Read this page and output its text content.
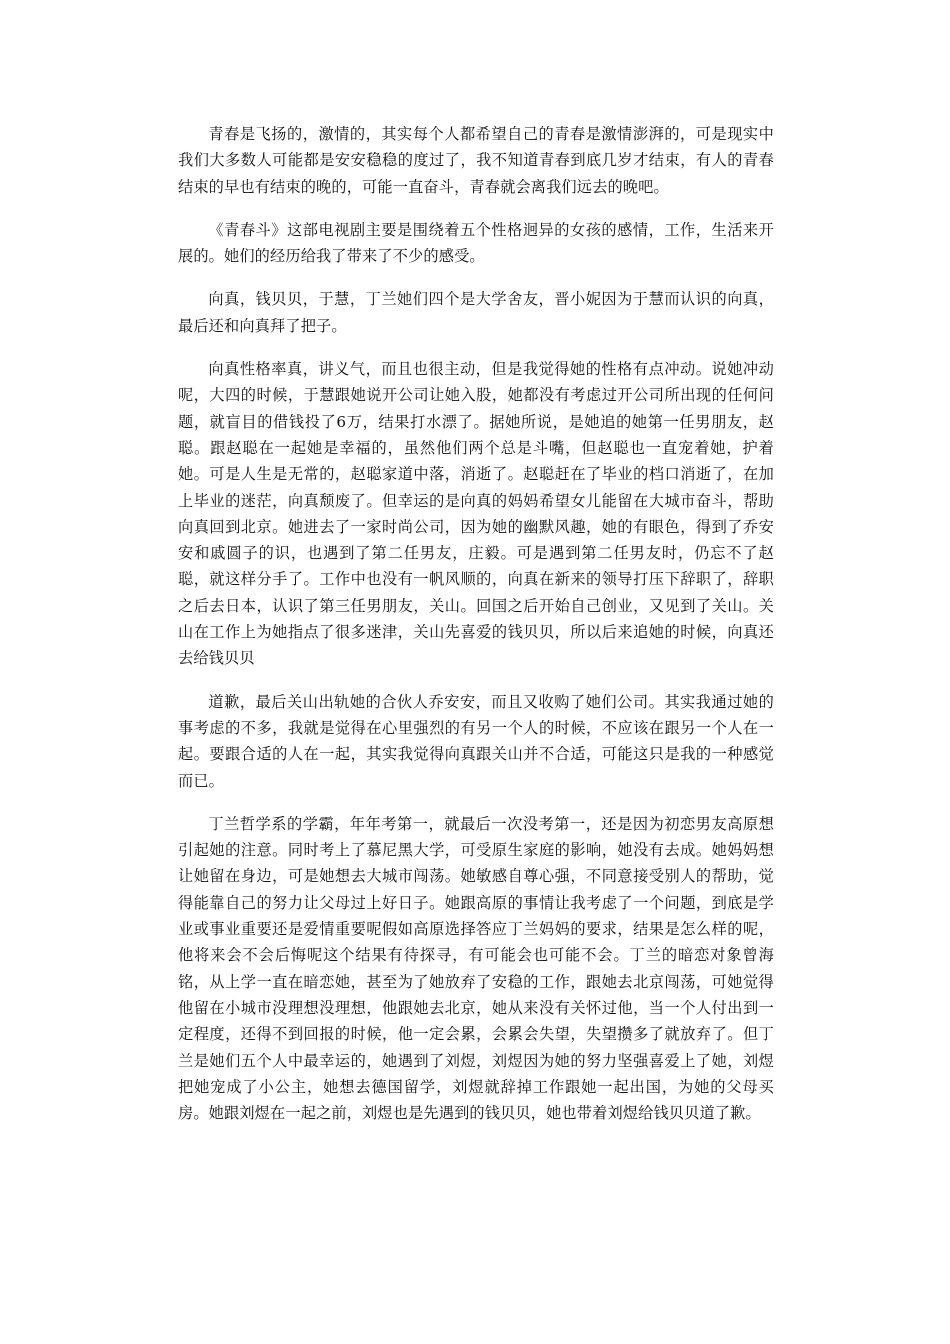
青春是飞扬的，激情的，其实每个人都希望自己的青春是激情澎湃的，可是现实中我们大多数人可能都是安安稳稳的度过了，我不知道青春到底几岁才结束，有人的青春结束的早也有结束的晚的，可能一直奋斗，青春就会离我们远去的晚吧。

《青春斗》这部电视剧主要是围绕着五个性格迥异的女孩的感情，工作，生活来开展的。她们的经历给我了带来了不少的感受。

向真，钱贝贝，于慧，丁兰她们四个是大学舍友，晋小妮因为于慧而认识的向真，最后还和向真拜了把子。

向真性格率真，讲义气，而且也很主动，但是我觉得她的性格有点冲动。说她冲动呢，大四的时候，于慧跟她说开公司让她入股，她都没有考虑过开公司所出现的任何问题，就盲目的借钱投了6万，结果打水漂了。据她所说，是她追的她第一任男朋友，赵聪。跟赵聪在一起她是幸福的，虽然他们两个总是斗嘴，但赵聪也一直宠着她，护着她。可是人生是无常的，赵聪家道中落，消逝了。赵聪赶在了毕业的档口消逝了，在加上毕业的迷茫，向真颓废了。但幸运的是向真的妈妈希望女儿能留在大城市奋斗，帮助向真回到北京。她进去了一家时尚公司，因为她的幽默风趣，她的有眼色，得到了乔安安和戚圆子的识，也遇到了第二任男友，庄毅。可是遇到第二任男友时，仍忘不了赵聪，就这样分手了。工作中也没有一帆风顺的，向真在新来的领导打压下辞职了，辞职之后去日本，认识了第三任男朋友，关山。回国之后开始自己创业，又见到了关山。关山在工作上为她指点了很多迷津，关山先喜爱的钱贝贝，所以后来追她的时候，向真还去给钱贝贝

道歉，最后关山出轨她的合伙人乔安安，而且又收购了她们公司。其实我通过她的事考虑的不多，我就是觉得在心里强烈的有另一个人的时候，不应该在跟另一个人在一起。要跟合适的人在一起，其实我觉得向真跟关山并不合适，可能这只是我的一种感觉而已。

丁兰哲学系的学霸，年年考第一，就最后一次没考第一，还是因为初恋男友高原想引起她的注意。同时考上了慕尼黑大学，可受原生家庭的影响，她没有去成。她妈妈想让她留在身边，可是她想去大城市闯荡。她敏感自尊心强，不同意接受别人的帮助，觉得能靠自己的努力让父母过上好日子。她跟高原的事情让我考虑了一个问题，到底是学业或事业重要还是爱情重要呢假如高原选择答应丁兰妈妈的要求，结果是怎么样的呢，他将来会不会后悔呢这个结果有待探寻，有可能会也可能不会。丁兰的暗恋对象曾海铭，从上学一直在暗恋她，甚至为了她放弃了安稳的工作，跟她去北京闯荡，可她觉得他留在小城市没理想没理想，他跟她去北京，她从来没有关怀过他，当一个人付出到一定程度，还得不到回报的时候，他一定会累，会累会失望，失望攒多了就放弃了。但丁兰是她们五个人中最幸运的，她遇到了刘煜，刘煜因为她的努力坚强喜爱上了她，刘煜把她宠成了小公主，她想去德国留学，刘煜就辞掉工作跟她一起出国，为她的父母买房。她跟刘煜在一起之前，刘煜也是先遇到的钱贝贝，她也带着刘煜给钱贝贝道了歉。
